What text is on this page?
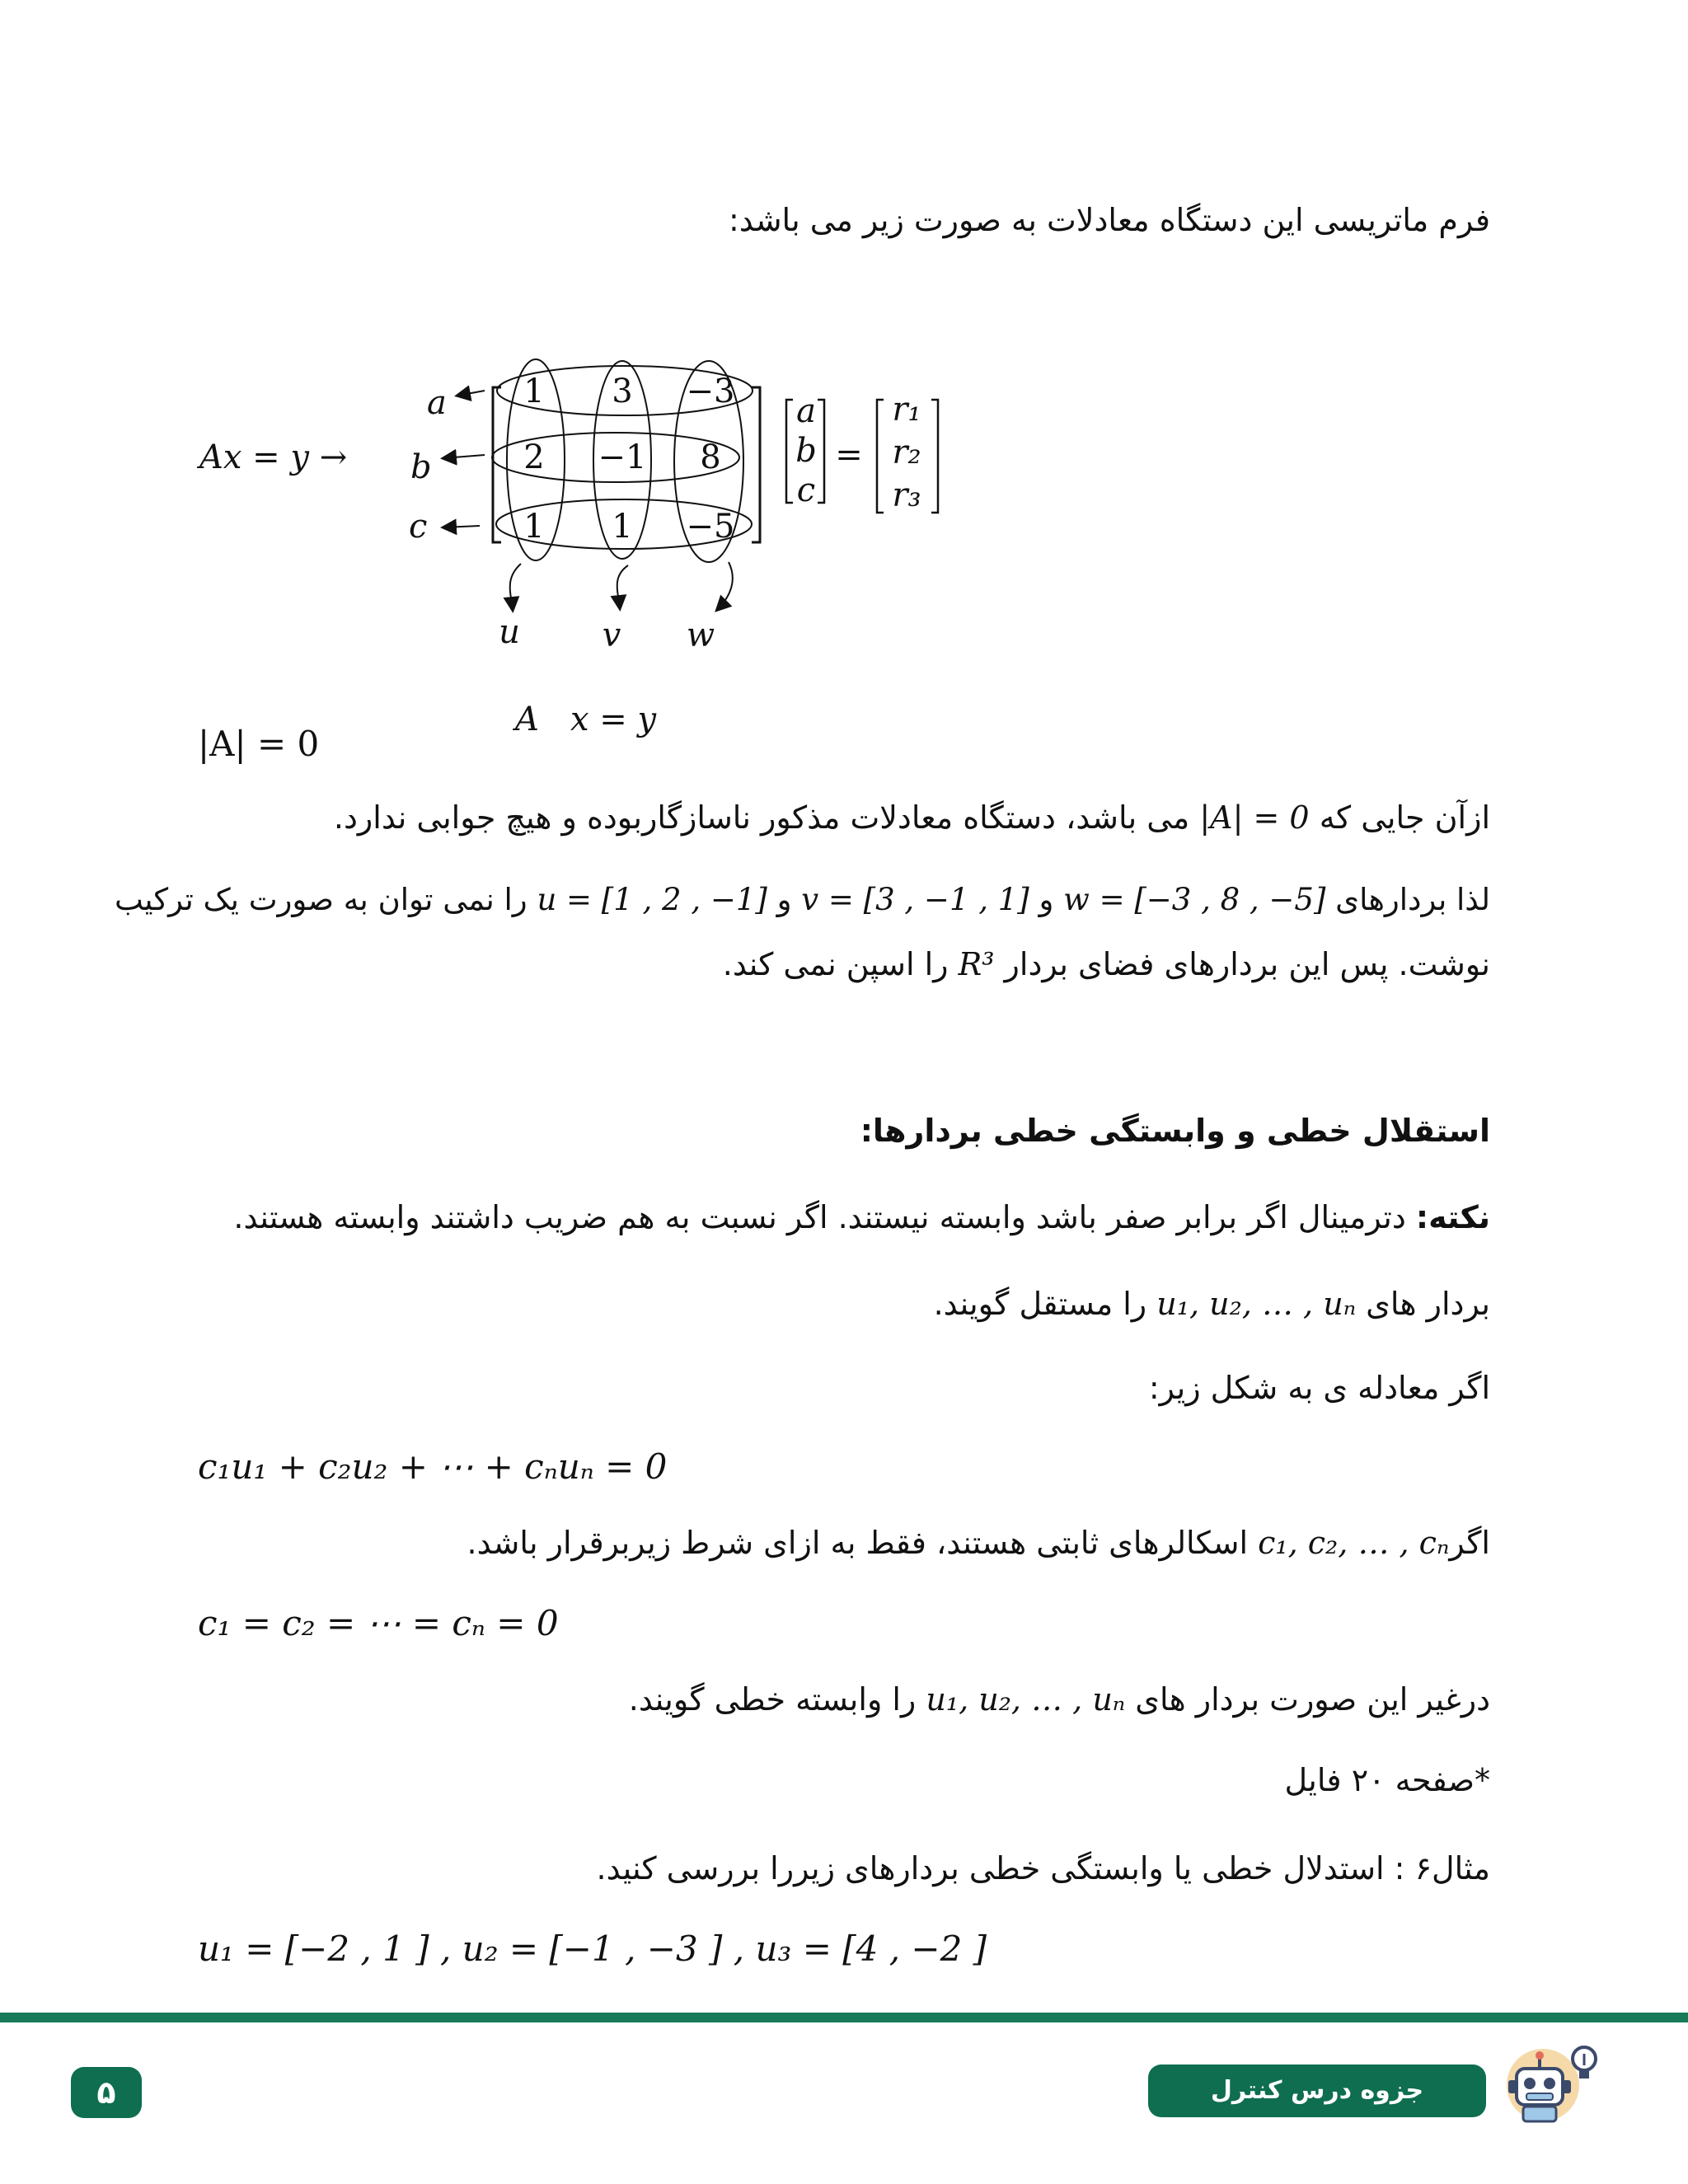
فرم ماتریسی این دستگاه معادلات به صورت زیر می باشد:
Ax = y →
a
b
c
1 3 −3
2 −1 8
1 1 −5
a
b
c
=
r₁
r₂
r₃
u v w
A   x = y
|A| = 0
ازآن جایی که |A| = 0 می باشد، دستگاه معادلات مذکور ناسازگاربوده و هیچ جوابی ندارد.
لذا بردارهای w = [−3 , 8 , −5] و v = [3 , −1 , 1] و u = [1 , 2 , −1] را نمی توان به صورت یک ترکیب
نوشت. پس این بردارهای فضای بردار R³ را اسپن نمی کند.
استقلال خطی و وابستگی خطی بردارها:
نکته: دترمینال اگر برابر صفر باشد وابسته نیستند. اگر نسبت به هم ضریب داشتند وابسته هستند.
بردار های u₁, u₂, … , uₙ را مستقل گویند.
اگر معادله ی به شکل زیر:
c₁u₁ + c₂u₂ + ⋯ + cₙuₙ = 0
اگرc₁, c₂, … , cₙ اسکالرهای ثابتی هستند، فقط به ازای شرط زیربرقرار باشد.
c₁ = c₂ = ⋯ = cₙ = 0
درغیر این صورت بردار های u₁, u₂, … , uₙ را وابسته خطی گویند.
*صفحه ۲۰ فایل
مثال۶ : استدلال خطی یا وابستگی خطی بردارهای زیررا بررسی کنید.
u₁ = [−2 , 1 ] , u₂ = [−1 , −3 ] , u₃ = [4 , −2 ]
۵	جزوه درس کنترل
